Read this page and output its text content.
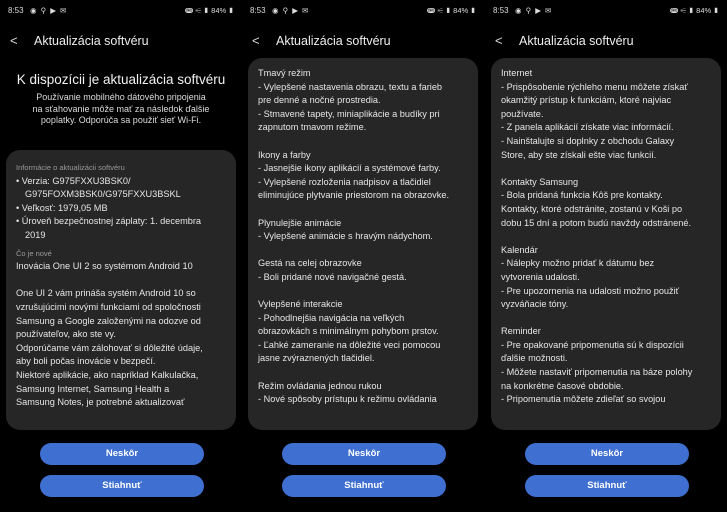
8:53 ◉ ⚲ ▶ ✉	ↈ ⚟ ▮ 84% ▮
< Aktualizácia softvéru
K dispozícii je aktualizácia softvéru

Používanie mobilného dátového pripojenia
na sťahovanie môže mať za následok ďalšie
poplatky. Odporúča sa použiť sieť Wi-Fi.

Informácie o aktualizácii softvéru
• Verzia: G975FXXU3BSK0/
G975FOXM3BSK0/G975FXXU3BSKL
• Veľkosť: 1979,05 MB
• Úroveň bezpečnostnej záplaty: 1. decembra
2019
Čo je nové
Inovácia One UI 2 so systémom Android 10
One UI 2 vám prináša systém Android 10 so
vzrušujúcimi novými funkciami od spoločnosti
Samsung a Google založenými na odozve od
používateľov, ako ste vy.
Odporúčame vám zálohovať si dôležité údaje,
aby boli počas inovácie v bezpečí.
Niektoré aplikácie, ako napríklad Kalkulačka,
Samsung Internet, Samsung Health a
Samsung Notes, je potrebné aktualizovať
Neskôr
Stiahnuť
8:53 ◉ ⚲ ▶ ✉	ↈ ⚟ ▮ 84% ▮
< Aktualizácia softvéru
Tmavý režim
- Vylepšené nastavenia obrazu, textu a farieb
pre denné a nočné prostredia.
- Stmavené tapety, miniaplikácie a budíky pri
zapnutom tmavom režime.
Ikony a farby
- Jasnejšie ikony aplikácií a systémové farby.
- Vylepšené rozloženia nadpisov a tlačidiel
eliminujúce plytvanie priestorom na obrazovke.
Plynulejšie animácie
- Vylepšené animácie s hravým nádychom.
Gestá na celej obrazovke
- Boli pridané nové navigačné gestá.
Vylepšené interakcie
- Pohodlnejšia navigácia na veľkých
obrazovkách s minimálnym pohybom prstov.
- Ľahké zameranie na dôležité veci pomocou
jasne zvýraznených tlačidiel.
Režim ovládania jednou rukou
- Nové spôsoby prístupu k režimu ovládania
Neskôr
Stiahnuť
8:53 ◉ ⚲ ▶ ✉	ↈ ⚟ ▮ 84% ▮
< Aktualizácia softvéru
Internet
- Prispôsobenie rýchleho menu môžete získať
okamžitý prístup k funkciám, ktoré najviac
používate.
- Z panela aplikácií získate viac informácií.
- Nainštalujte si doplnky z obchodu Galaxy
Store, aby ste získali ešte viac funkcií.
Kontakty Samsung
- Bola pridaná funkcia Kôš pre kontakty.
Kontakty, ktoré odstránite, zostanú v Koši po
dobu 15 dní a potom budú navždy odstránené.
Kalendár
- Nálepky možno pridať k dátumu bez
vytvorenia udalosti.
- Pre upozornenia na udalosti možno použiť
vyzváňacie tóny.
Reminder
- Pre opakované pripomenutia sú k dispozícii
ďalšie možnosti.
- Môžete nastaviť pripomenutia na báze polohy
na konkrétne časové obdobie.
- Pripomenutia môžete zdieľať so svojou
Neskôr
Stiahnuť
